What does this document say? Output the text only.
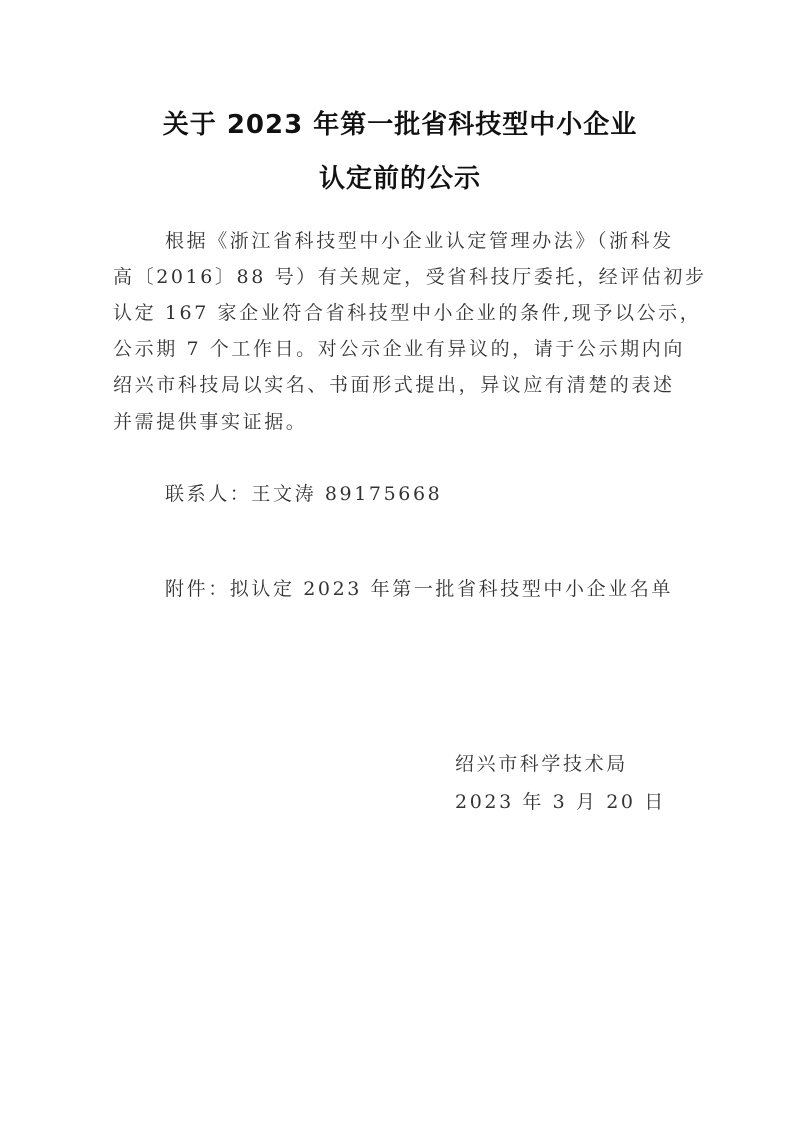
关于 2023 年第一批省科技型中小企业
认定前的公示
根据《浙江省科技型中小企业认定管理办法》（浙科发
高〔2016〕88 号）有关规定，受省科技厅委托，经评估初步
认定 167 家企业符合省科技型中小企业的条件,现予以公示，
公示期 7 个工作日。对公示企业有异议的，请于公示期内向
绍兴市科技局以实名、书面形式提出，异议应有清楚的表述
并需提供事实证据。
联系人：王文涛 89175668
附件：拟认定 2023 年第一批省科技型中小企业名单
绍兴市科学技术局
2023 年 3 月 20 日
